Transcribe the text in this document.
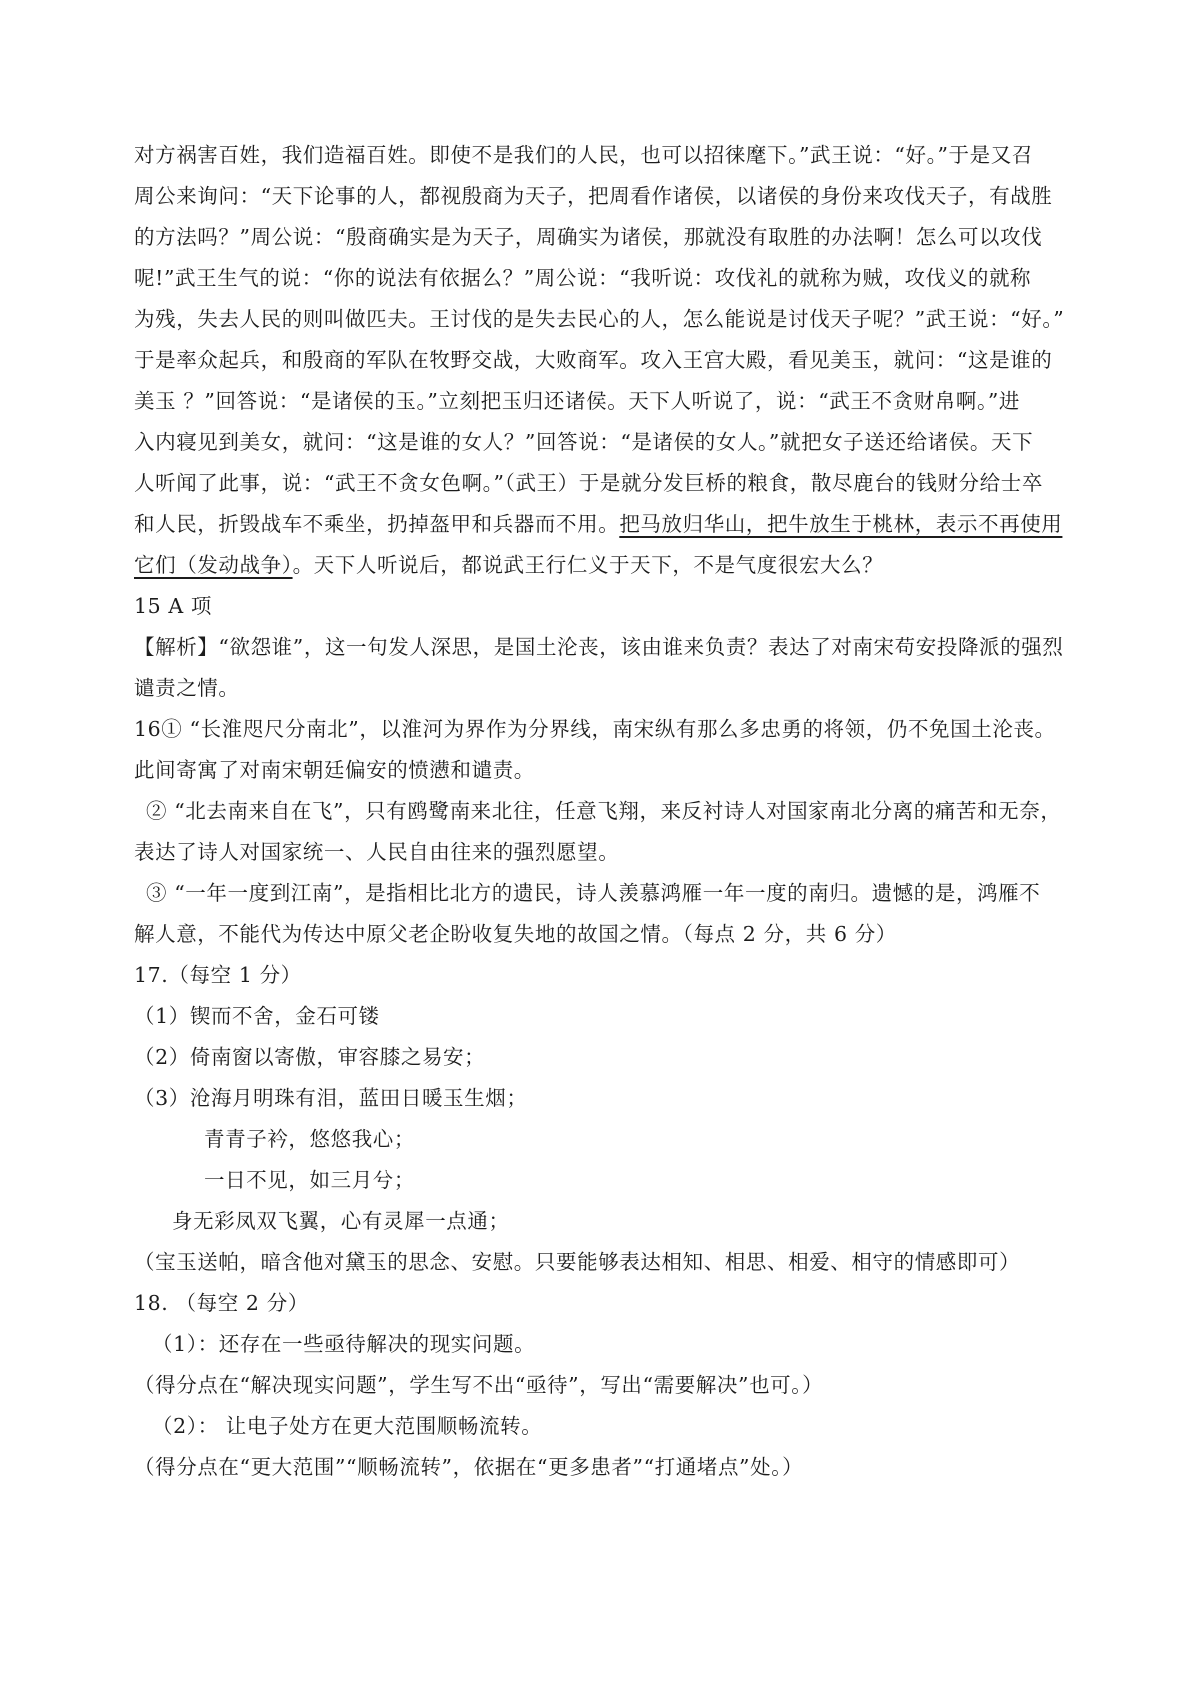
对方祸害百姓，我们造福百姓。即使不是我们的人民，也可以招徕麾下。”武王说：“好。”于是又召
周公来询问：“天下论事的人，都视殷商为天子，把周看作诸侯，以诸侯的身份来攻伐天子，有战胜
的方法吗？”周公说：“殷商确实是为天子，周确实为诸侯，那就没有取胜的办法啊！怎么可以攻伐
呢!”武王生气的说：“你的说法有依据么？”周公说：“我听说：攻伐礼的就称为贼，攻伐义的就称
为残，失去人民的则叫做匹夫。王讨伐的是失去民心的人，怎么能说是讨伐天子呢？”武王说：“好。”
于是率众起兵，和殷商的军队在牧野交战，大败商军。攻入王宫大殿，看见美玉，就问：“这是谁的
美玉 ？”回答说：“是诸侯的玉。”立刻把玉归还诸侯。天下人听说了，说：“武王不贪财帛啊。”进
入内寝见到美女，就问：“这是谁的女人？”回答说：“是诸侯的女人。”就把女子送还给诸侯。天下
人听闻了此事，说：“武王不贪女色啊。”（武王）于是就分发巨桥的粮食，散尽鹿台的钱财分给士卒
和人民，折毁战车不乘坐，扔掉盔甲和兵器而不用。把马放归华山，把牛放生于桃林，表示不再使用
它们（发动战争）。天下人听说后，都说武王行仁义于天下，不是气度很宏大么？
15 A 项
【解析】“欲怨谁”，这一句发人深思，是国土沦丧，该由谁来负责？表达了对南宋苟安投降派的强烈
谴责之情。
16① “长淮咫尺分南北”，以淮河为界作为分界线，南宋纵有那么多忠勇的将领，仍不免国土沦丧。
此间寄寓了对南宋朝廷偏安的愤懑和谴责。
② “北去南来自在飞”，只有鸥鹭南来北往，任意飞翔，来反衬诗人对国家南北分离的痛苦和无奈，
表达了诗人对国家统一、人民自由往来的强烈愿望。
③ “一年一度到江南”，是指相比北方的遗民，诗人羡慕鸿雁一年一度的南归。遗憾的是，鸿雁不
解人意，不能代为传达中原父老企盼收复失地的故国之情。（每点 2 分，共 6 分）
17.（每空 1 分）
（1）锲而不舍，金石可镂
（2）倚南窗以寄傲，审容膝之易安；
（3）沧海月明珠有泪，蓝田日暖玉生烟；
青青子衿，悠悠我心；
一日不见，如三月兮；
身无彩凤双飞翼，心有灵犀一点通；
（宝玉送帕，暗含他对黛玉的思念、安慰。只要能够表达相知、相思、相爱、相守的情感即可）
18. （每空 2 分）
（1）：还存在一些亟待解决的现实问题。
（得分点在“解决现实问题”，学生写不出“亟待”，写出“需要解决”也可。）
（2）： 让电子处方在更大范围顺畅流转。
（得分点在“更大范围”“顺畅流转”，依据在“更多患者”“打通堵点”处。）
